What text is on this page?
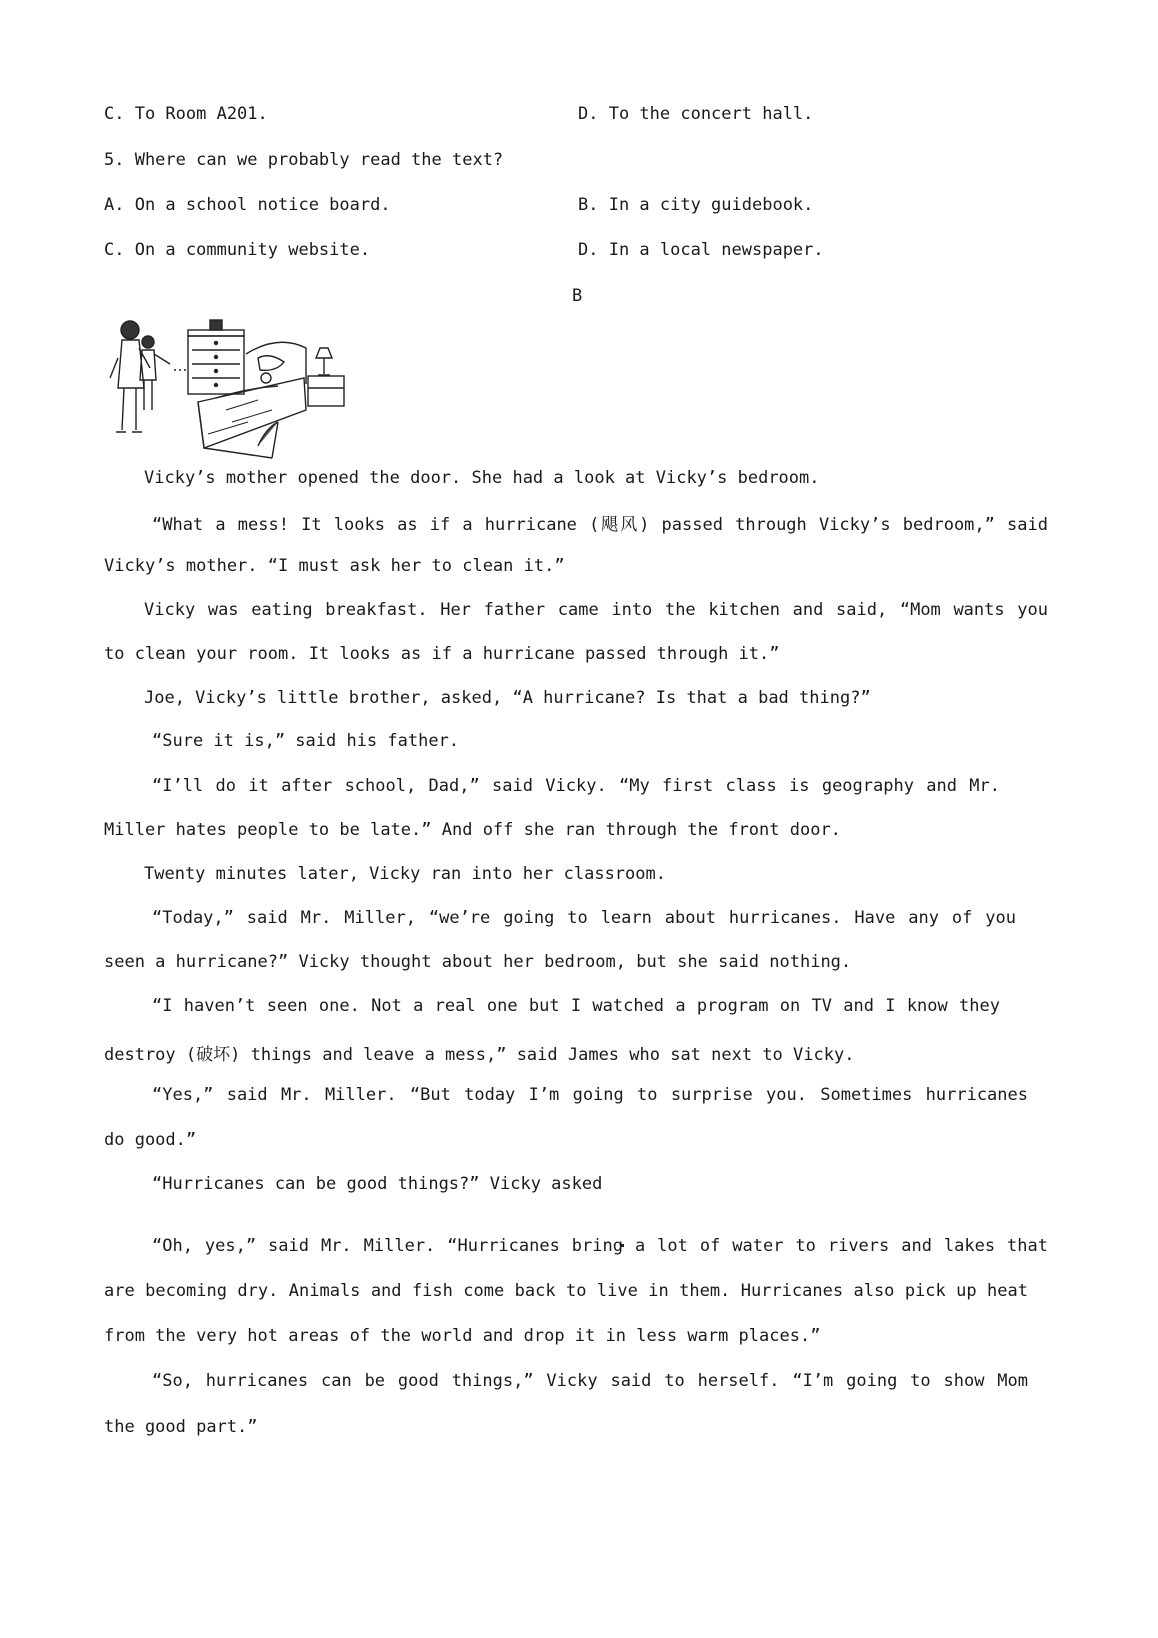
C. To Room A201.	D. To the concert hall.
5. Where can we probably read the text?
A. On a school notice board.	B. In a city guidebook.
C. On a community website.	D. In a local newspaper.
B
Vicky’s mother opened the door. She had a look at Vicky’s bedroom.
“What a mess! It looks as if a hurricane (飓风) passed through Vicky’s bedroom,” said
Vicky’s mother. “I must ask her to clean it.”
Vicky was eating breakfast. Her father came into the kitchen and said, “Mom wants you
to clean your room. It looks as if a hurricane passed through it.”
Joe, Vicky’s little brother, asked, “A hurricane? Is that a bad thing?”
“Sure it is,” said his father.
“I’ll do it after school, Dad,” said Vicky. “My first class is geography and Mr.
Miller hates people to be late.” And off she ran through the front door.
Twenty minutes later, Vicky ran into her classroom.
“Today,” said Mr. Miller, “we’re going to learn about hurricanes. Have any of you
seen a hurricane?” Vicky thought about her bedroom, but she said nothing.
“I haven’t seen one. Not a real one but I watched a program on TV and I know they
destroy (破坏) things and leave a mess,” said James who sat next to Vicky.
“Yes,” said Mr. Miller. “But today I’m going to surprise you. Sometimes hurricanes
do good.”
“Hurricanes can be good things?” Vicky asked
“Oh, yes,” said Mr. Miller. “Hurricanes bring a lot of water to rivers and lakes that
are becoming dry. Animals and fish come back to live in them. Hurricanes also pick up heat
from the very hot areas of the world and drop it in less warm places.”
“So, hurricanes can be good things,” Vicky said to herself. “I’m going to show Mom
the good part.”
